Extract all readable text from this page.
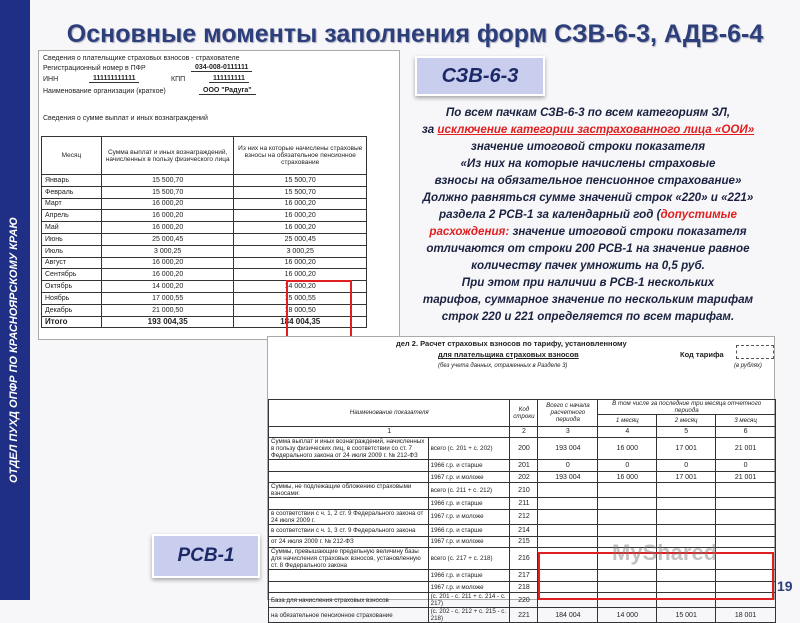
ОТДЕЛ ПУХД ОПФР ПО КРАСНОЯРСКОМУ КРАЮ
Основные моменты заполнения форм СЗВ-6-3, АДВ-6-4
Сведения о плательщике страховых взносов - страхователе
Регистрационный номер в ПФР	034-008-0111111
ИНН	111111111111	КПП	111111111
Наименование организации (краткое)	ООО "Радуга"
Сведения о сумме выплат и иных вознаграждений
Месяц	Сумма выплат и иных вознаграждений, начисленных в пользу физического лица	Из них на которые начислены страховые взносы на обязательное пенсионное страхование
Январь	15 500,70	15 500,70
Февраль	15 500,70	15 500,70
Март	16 000,20	16 000,20
Апрель	16 000,20	16 000,20
Май	16 000,20	16 000,20
Июнь	25 000,45	25 000,45
Июль	3 000,25	3 000,25
Август	16 000,20	16 000,20
Сентябрь	16 000,20	16 000,20
Октябрь	14 000,20	14 000,20
Ноябрь	17 000,55	15 000,55
Декабрь	21 000,50	18 000,50
Итого	193 004,35	184 004,35
СЗВ-6-3
По всем пачкам СЗВ-6-3 по всем категориям ЗЛ,
за исключение категории застрахованного лица «ООИ»
значение итоговой строки показателя
«Из них на которые начислены страховые
взносы на обязательное пенсионное страхование»
Должно равняться сумме значений строк «220» и «221»
раздела 2 РСВ-1 за календарный год (допустимые
расхождения: значение итоговой строки показателя
отличаются от строки 200 РСВ-1 на значение равное
количеству пачек умножить на 0,5 руб.
При этом при наличии в РСВ-1 нескольких
тарифов, суммарное значение по нескольким тарифам
строк 220 и 221 определяется по всем тарифам.
дел 2. Расчет страховых взносов по тарифу, установленному
для плательщика страховых взносов	Код тарифа
(без учета данных, отраженных в Разделе 3)	(в рублях)
Наименование показателя		Код строки	Всего с начала расчетного периода	В том числе за последние три месяца отчетного периода		
				1 месяц	2 месяц	3 месяц
1		2	3	4	5	6
Сумма выплат и иных вознаграждений, начисленных в пользу физических лиц, в соответствии со ст. 7 Федерального закона от 24 июля 2009 г. № 212-ФЗ	всего (с. 201 + с. 202)	200	193 004	16 000	17 001	21 001
	1966 г.р. и старше	201	0	0	0	0
	1967 г.р. и моложе	202	193 004	16 000	17 001	21 001
Суммы, не подлежащие обложению страховыми взносами:	всего (с. 211 + с. 212)	210				
	1966 г.р. и старше	211				
в соответствии с ч. 1, 2 ст. 9 Федерального закона от 24 июля 2009 г.	1967 г.р. и моложе	212				
в соответствии с ч. 1, 3 ст. 9 Федерального закона	1966 г.р. и старше	214				
от 24 июля 2009 г. № 212-ФЗ	1967 г.р. и моложе	215				
Суммы, превышающие предельную величину базы для начисления страховых взносов, установленную ст. 8 Федерального закона	всего (с. 217 + с. 218)	216				
	1966 г.р. и старше	217				
	1967 г.р. и моложе	218				
База для начисления страховых взносов	(с. 201 - с. 211 + с. 214 - с. 217)	220				
на обязательное пенсионное страхование	(с. 202 - с. 212 + с. 215 - с. 218)	221	184 004	14 000	15 001	18 001
РСВ-1	MyShared
19
